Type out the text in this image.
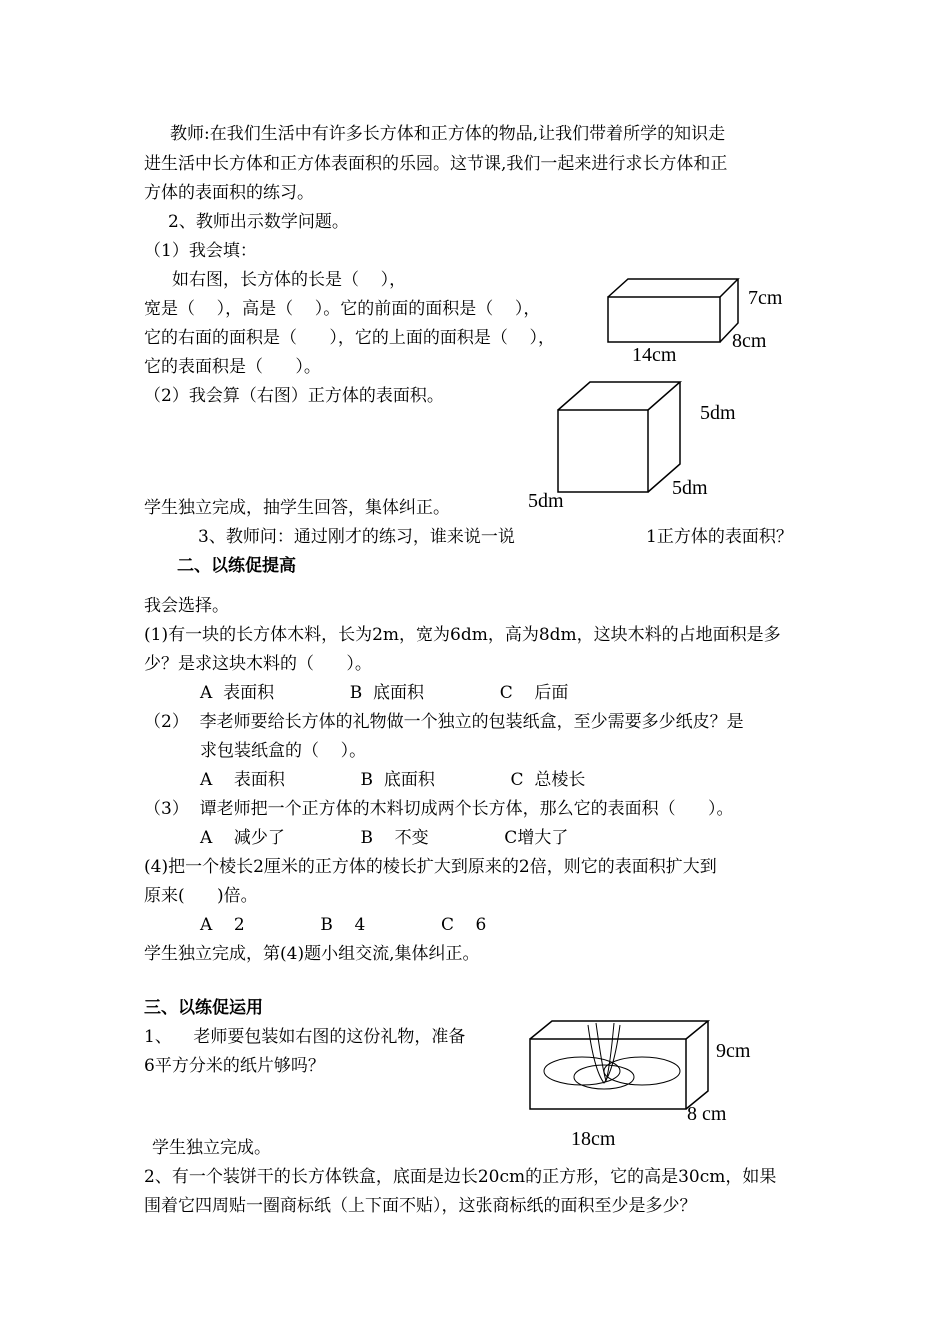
教师:在我们生活中有许多长方体和正方体的物品,让我们带着所学的知识走
进生活中长方体和正方体表面积的乐园。这节课,我们一起来进行求长方体和正
方体的表面积的练习。
2、教师出示数学问题。
（1）我会填：
如右图，长方体的长是（    ），
宽是（    ），高是（    ）。它的前面的面积是（    ），
它的右面的面积是（      ），它的上面的面积是（    ），
它的表面积是（      ）。
7cm
8cm
14cm
（2）我会算（右图）正方体的表面积。
5dm
5dm
5dm
学生独立完成，抽学生回答，集体纠正。
3、教师问：通过刚才的练习，谁来说一说	1正方体的表面积？
二、以练促提高
我会选择。
(1)有一块的长方体木料，长为2m，宽为6dm，高为8dm，这块木料的占地面积是多
少？是求这块木料的（      ）。
A  表面积              B  底面积              C    后面
（2）  李老师要给长方体的礼物做一个独立的包装纸盒，至少需要多少纸皮？是
求包装纸盒的（    ）。
A    表面积              B  底面积              C  总棱长
（3）  谭老师把一个正方体的木料切成两个长方体，那么它的表面积（      ）。
A    减少了              B    不变              C增大了
(4)把一个棱长2厘米的正方体的棱长扩大到原来的2倍，则它的表面积扩大到
原来(      )倍。
A    2              B    4              C    6
学生独立完成，第(4)题小组交流,集体纠正。
三、以练促运用
1、    老师要包装如右图的这份礼物，准备
6平方分米的纸片够吗？
9cm
8 cm
18cm
学生独立完成。
2、有一个装饼干的长方体铁盒，底面是边长20cm的正方形，它的高是30cm，如果
围着它四周贴一圈商标纸（上下面不贴），这张商标纸的面积至少是多少？
